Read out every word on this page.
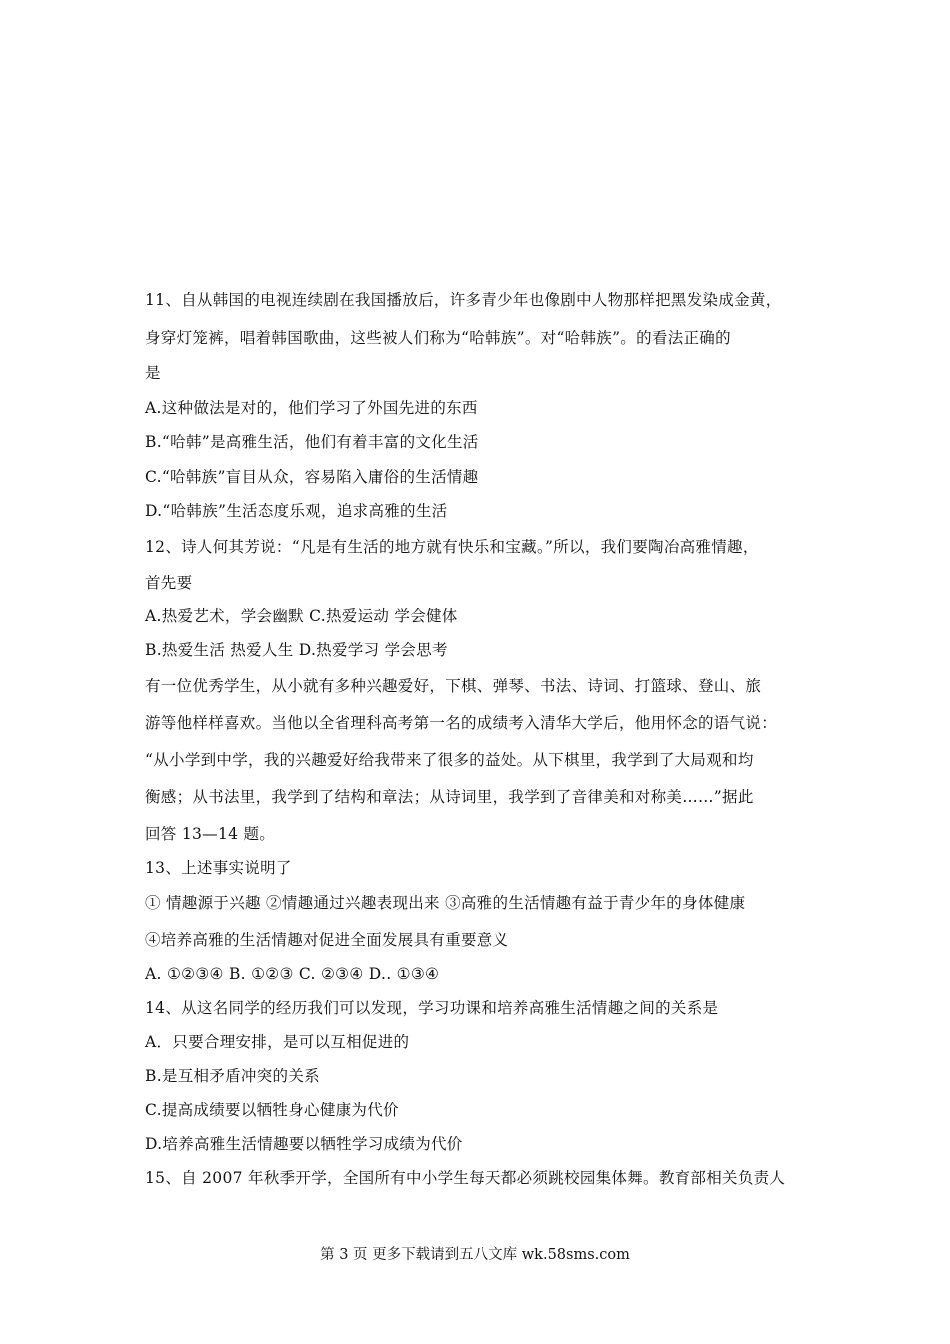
11、自从韩国的电视连续剧在我国播放后，许多青少年也像剧中人物那样把黑发染成金黄，
身穿灯笼裤，唱着韩国歌曲，这些被人们称为“哈韩族”。对“哈韩族”。的看法正确的
是
A.这种做法是对的，他们学习了外国先进的东西
B.“哈韩”是高雅生活，他们有着丰富的文化生活
C.“哈韩族”盲目从众，容易陷入庸俗的生活情趣
D.“哈韩族”生活态度乐观，追求高雅的生活
12、诗人何其芳说：“凡是有生活的地方就有快乐和宝藏。”所以，我们要陶冶高雅情趣，
首先要
A.热爱艺术，学会幽默 C.热爱运动 学会健体
B.热爱生活 热爱人生 D.热爱学习 学会思考
有一位优秀学生，从小就有多种兴趣爱好，下棋、弹琴、书法、诗词、打篮球、登山、旅
游等他样样喜欢。当他以全省理科高考第一名的成绩考入清华大学后，他用怀念的语气说：
“从小学到中学，我的兴趣爱好给我带来了很多的益处。从下棋里，我学到了大局观和均
衡感；从书法里，我学到了结构和章法；从诗词里，我学到了音律美和对称美……”据此
回答 13—14 题。
13、上述事实说明了
① 情趣源于兴趣 ②情趣通过兴趣表现出来 ③高雅的生活情趣有益于青少年的身体健康
④培养高雅的生活情趣对促进全面发展具有重要意义
A. ①②③④ B. ①②③ C. ②③④ D.. ①③④
14、从这名同学的经历我们可以发现，学习功课和培养高雅生活情趣之间的关系是
A．只要合理安排，是可以互相促进的
B.是互相矛盾冲突的关系
C.提高成绩要以牺牲身心健康为代价
D.培养高雅生活情趣要以牺牲学习成绩为代价
15、自 2007 年秋季开学，全国所有中小学生每天都必须跳校园集体舞。教育部相关负责人
第 3 页 更多下载请到五八文库 wk.58sms.com
